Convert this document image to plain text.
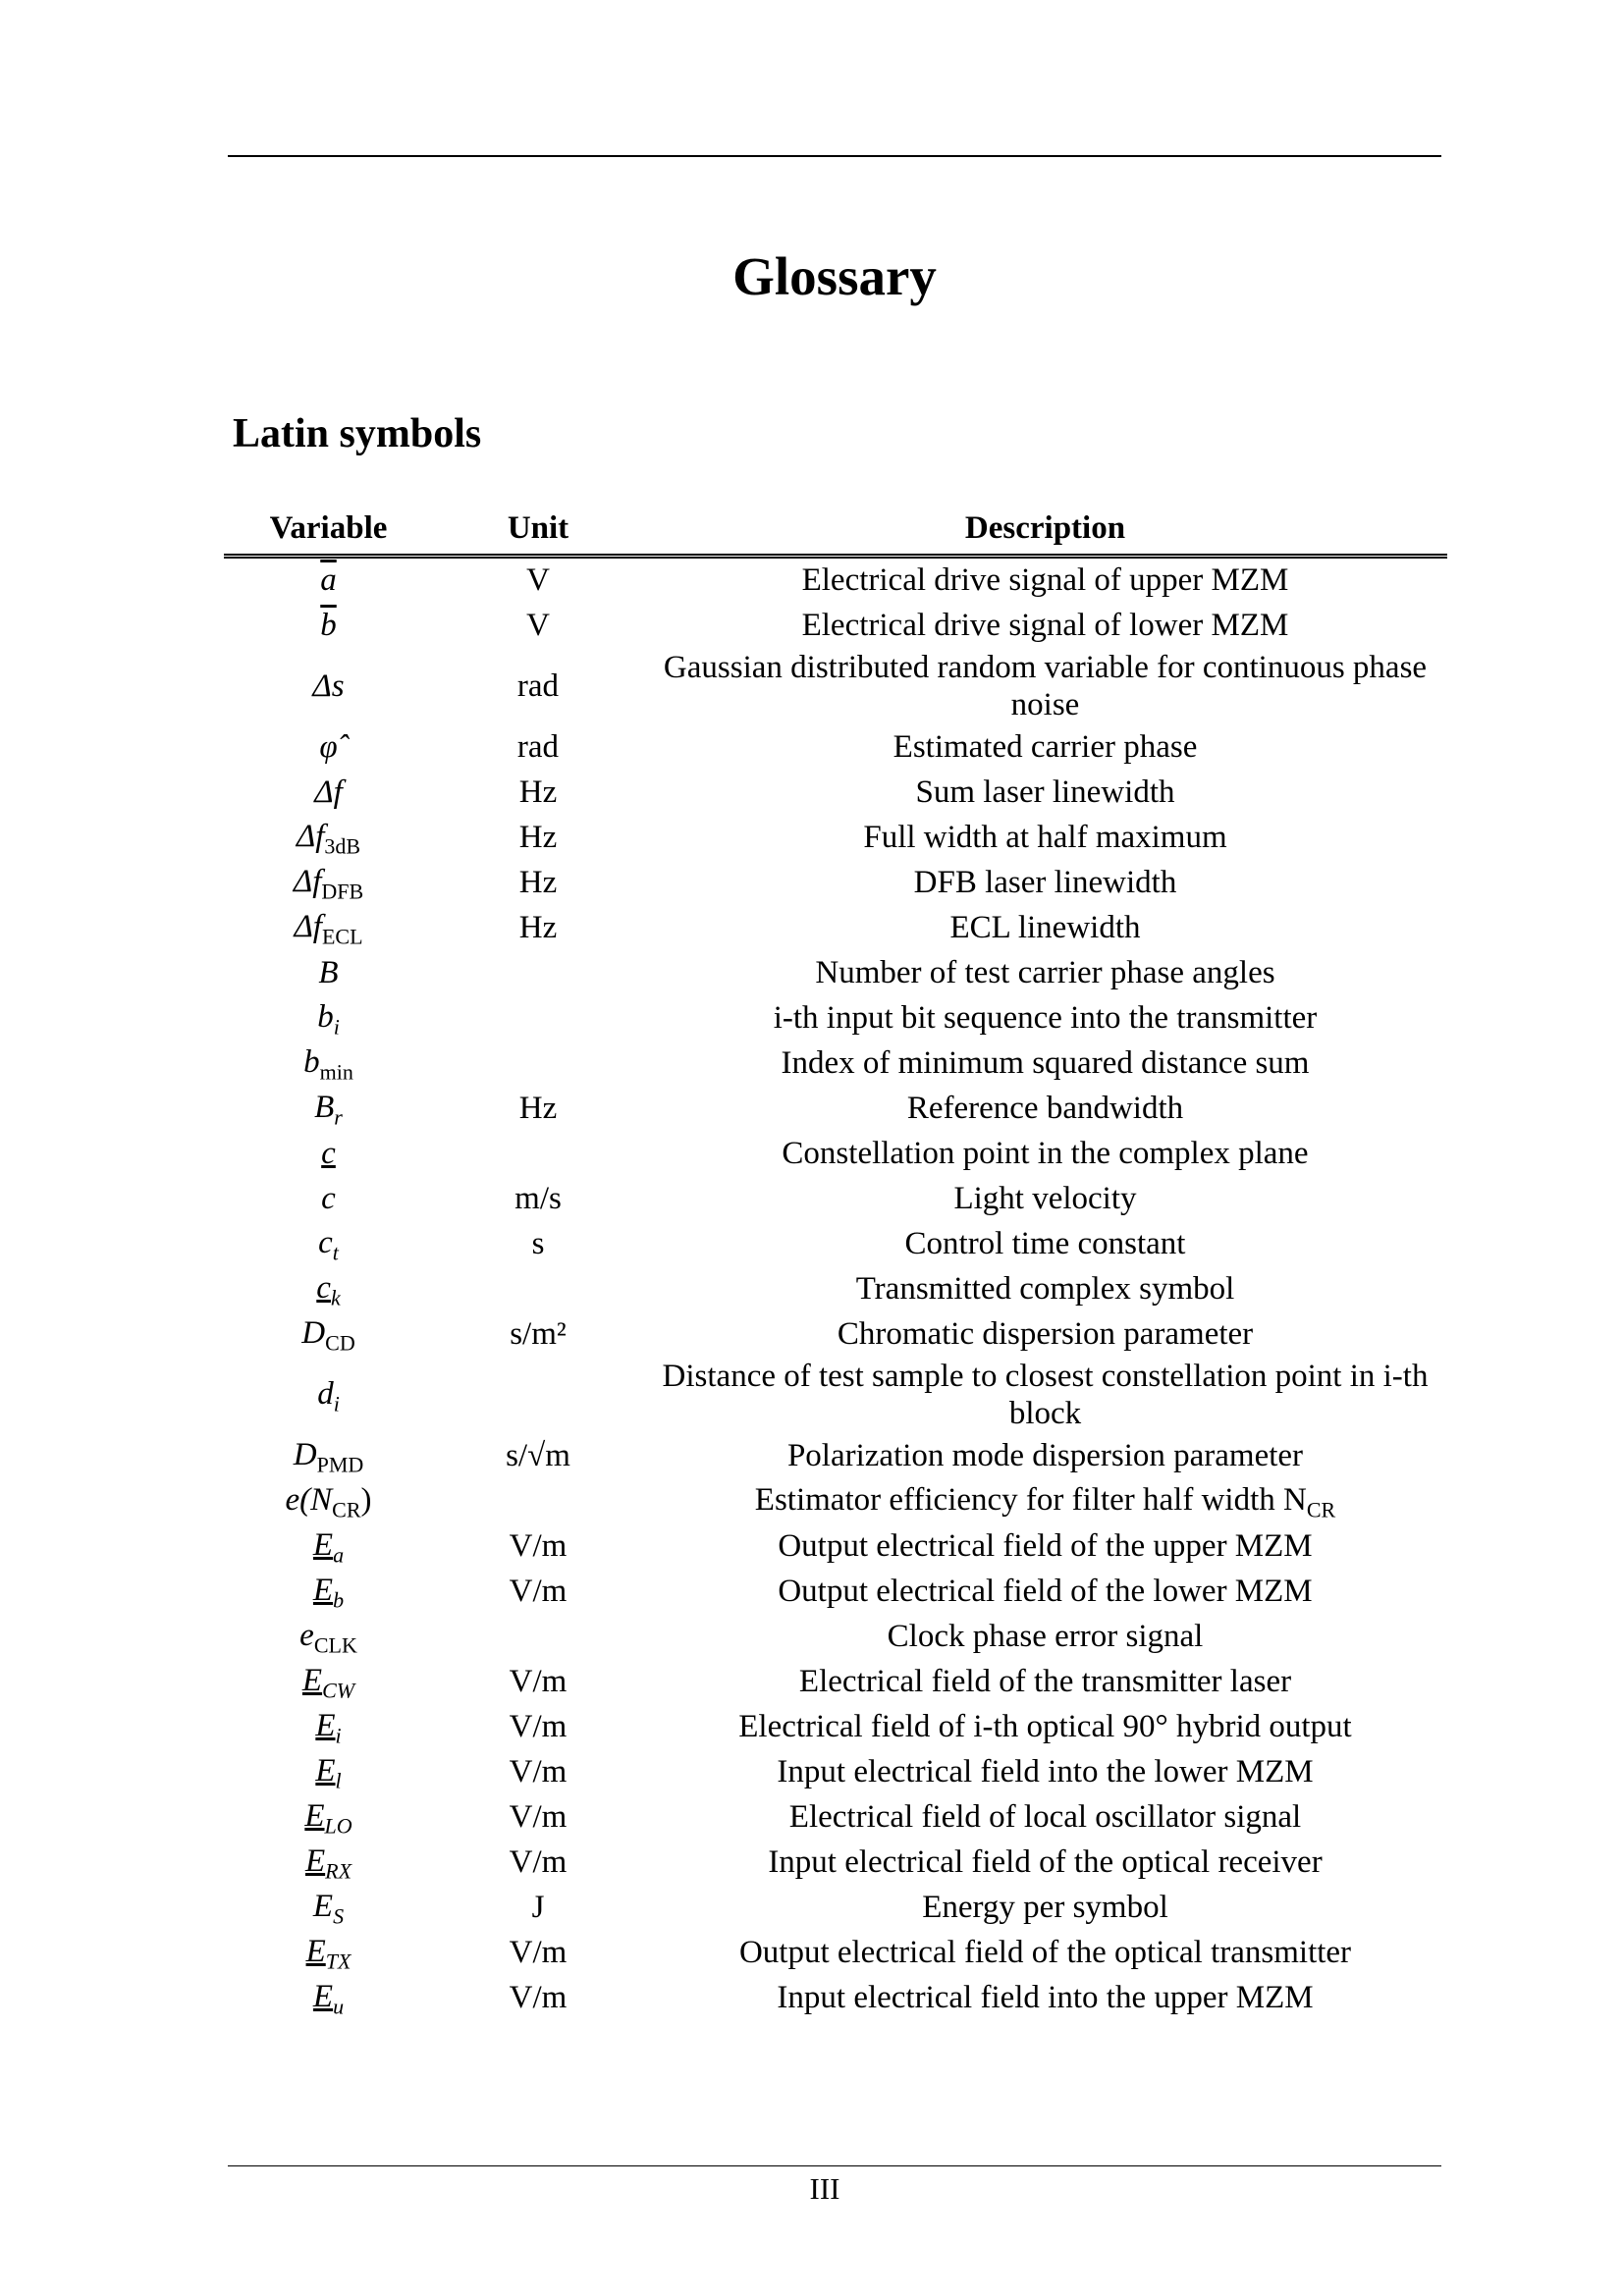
Glossary
Latin symbols
Variable	Unit	Description
$\overline{a}$	V	Electrical drive signal of upper MZM
$\overline{b}$	V	Electrical drive signal of lower MZM
Δs	rad	Gaussian distributed random variable for continuous phase noise
φ̂	rad	Estimated carrier phase
Δf	Hz	Sum laser linewidth
$\Delta f_{3dB}$	Hz	Full width at half maximum
$\Delta f_{DFB}$	Hz	DFB laser linewidth
$\Delta f_{ECL}$	Hz	ECL linewidth
B		Number of test carrier phase angles
$b_i$		i-th input bit sequence into the transmitter
$b_{min}$		Index of minimum squared distance sum
$B_r$	Hz	Reference bandwidth
c		Constellation point in the complex plane
c	m/s	Light velocity
$c_t$	s	Control time constant
$c_k$		Transmitted complex symbol
$D_{CD}$	s/m²	Chromatic dispersion parameter
$d_i$		Distance of test sample to closest constellation point in i-th block
$D_{PMD}$	s/√m	Polarization mode dispersion parameter
$e(N_{CR})$		Estimator efficiency for filter half width $N_{CR}$
$E_a$	V/m	Output electrical field of the upper MZM
$E_b$	V/m	Output electrical field of the lower MZM
$e_{CLK}$		Clock phase error signal
$E_{CW}$	V/m	Electrical field of the transmitter laser
$E_i$	V/m	Electrical field of i-th optical 90° hybrid output
$E_l$	V/m	Input electrical field into the lower MZM
$E_{LO}$	V/m	Electrical field of local oscillator signal
$E_{RX}$	V/m	Input electrical field of the optical receiver
$E_S$	J	Energy per symbol
$E_{TX}$	V/m	Output electrical field of the optical transmitter
$E_u$	V/m	Input electrical field into the upper MZM
III
